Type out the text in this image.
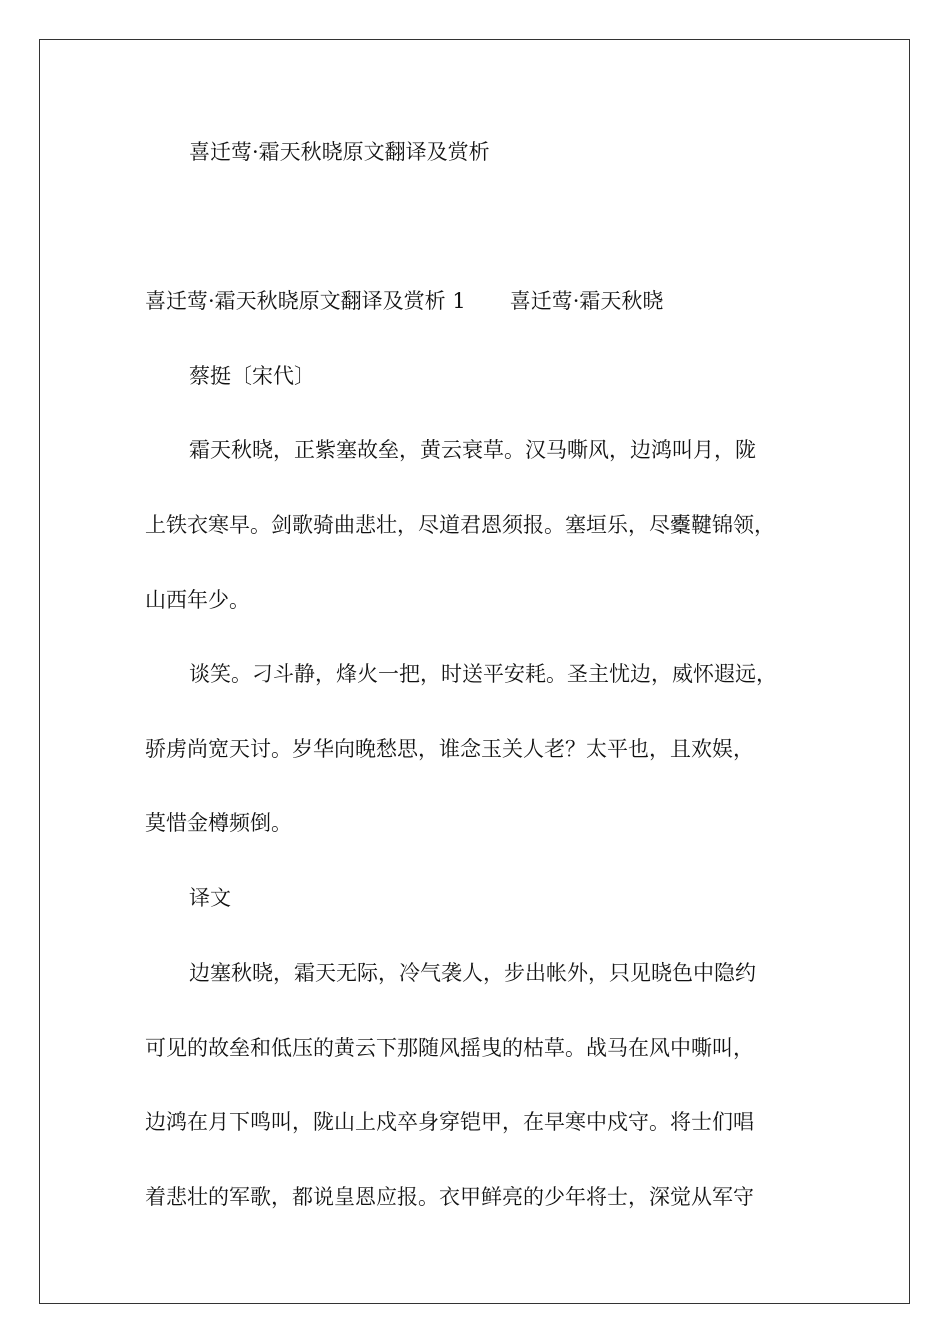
喜迁莺·霜天秋晓原文翻译及赏析
喜迁莺·霜天秋晓原文翻译及赏析 1 喜迁莺·霜天秋晓
蔡挺〔宋代〕
霜天秋晓，正紫塞故垒，黄云衰草。汉马嘶风，边鸿叫月，陇
上铁衣寒早。剑歌骑曲悲壮，尽道君恩须报。塞垣乐，尽櫜鞬锦领，
山西年少。
谈笑。刁斗静，烽火一把，时送平安耗。圣主忧边，威怀遐远，
骄虏尚宽天讨。岁华向晚愁思，谁念玉关人老？太平也，且欢娱，
莫惜金樽频倒。
译文
边塞秋晓，霜天无际，冷气袭人，步出帐外，只见晓色中隐约
可见的故垒和低压的黄云下那随风摇曳的枯草。战马在风中嘶叫，
边鸿在月下鸣叫，陇山上戍卒身穿铠甲，在早寒中戍守。将士们唱
着悲壮的军歌，都说皇恩应报。衣甲鲜亮的少年将士，深觉从军守
